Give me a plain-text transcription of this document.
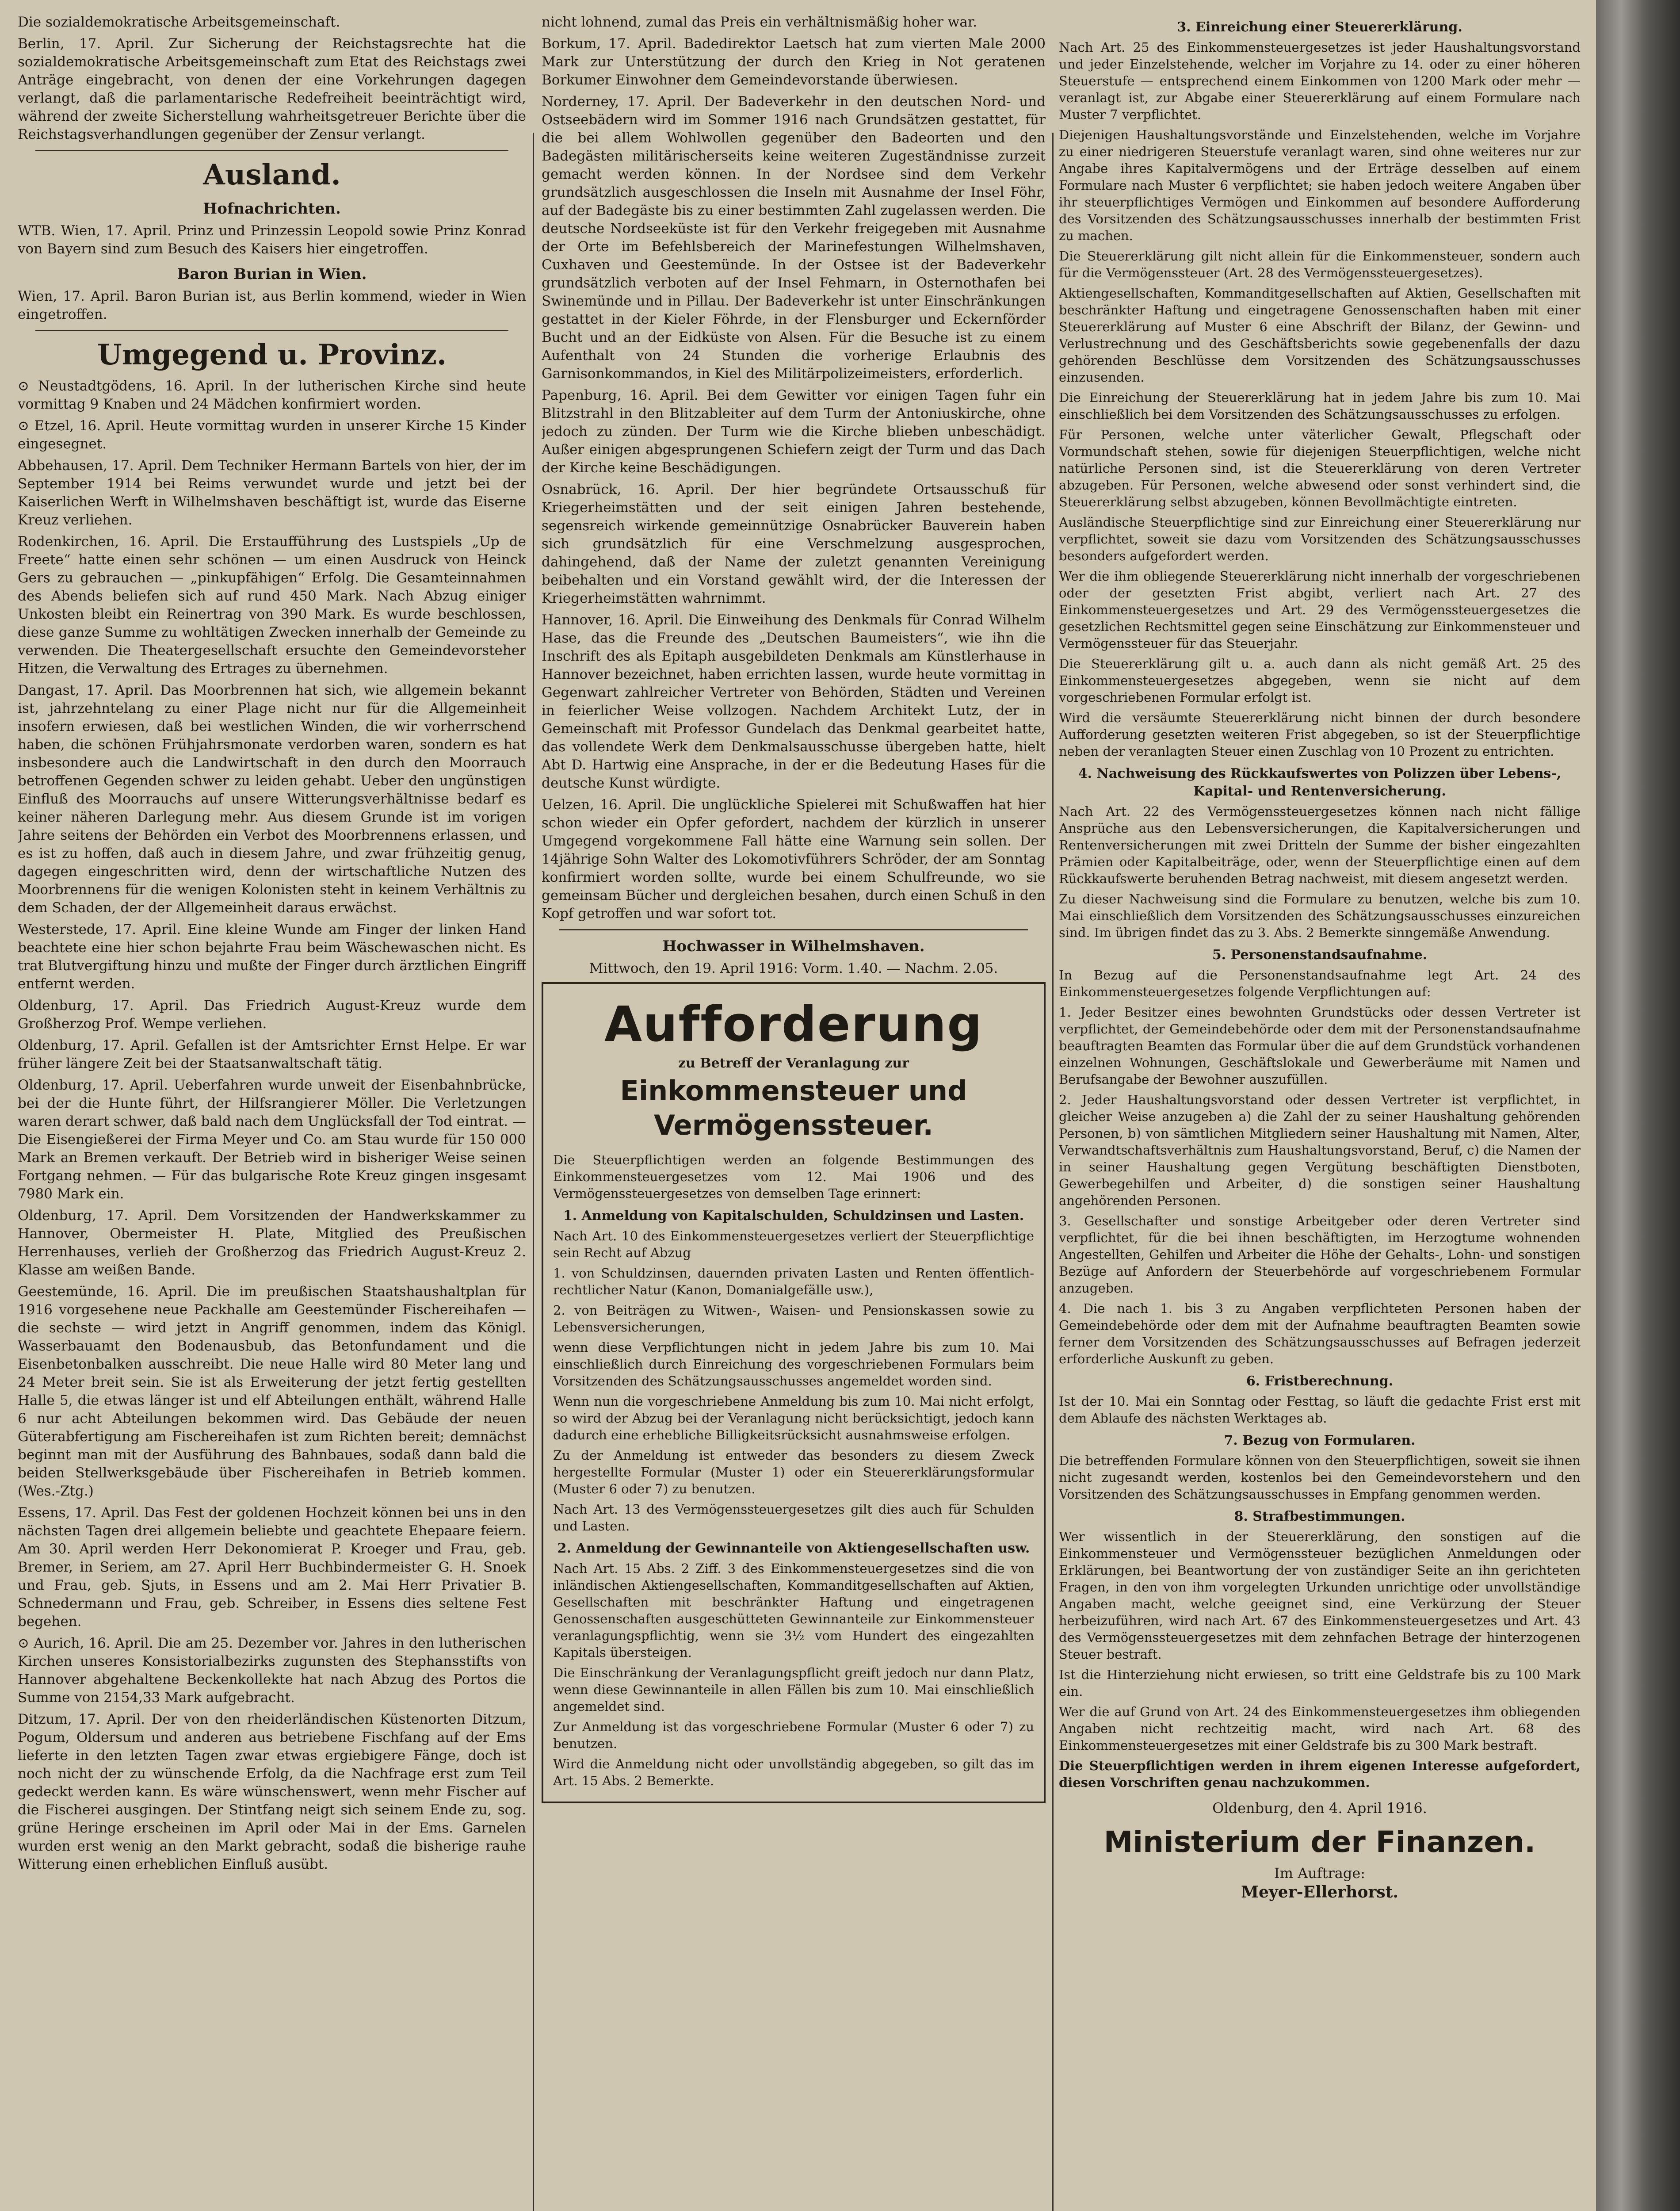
Die sozialdemokratische Arbeitsgemeinschaft.

Berlin, 17. April. Zur Sicherung der Reichstagsrechte hat die sozialdemokratische Arbeitsgemeinschaft zum Etat des Reichstags zwei Anträge eingebracht, von denen der eine Vorkehrungen dagegen verlangt, daß die parlamentarische Redefreiheit beeinträchtigt wird, während der zweite Sicherstellung wahrheitsgetreuer Berichte über die Reichstagsverhandlungen gegenüber der Zensur verlangt.

Ausland.
Hofnachrichten.

WTB. Wien, 17. April. Prinz und Prinzessin Leopold sowie Prinz Konrad von Bayern sind zum Besuch des Kaisers hier eingetroffen.

Baron Burian in Wien.

Wien, 17. April. Baron Burian ist, aus Berlin kommend, wieder in Wien eingetroffen.

Umgegend u. Provinz.

⊙ Neustadtgödens, 16. April. In der lutherischen Kirche sind heute vormittag 9 Knaben und 24 Mädchen konfirmiert worden.

⊙ Etzel, 16. April. Heute vormittag wurden in unserer Kirche 15 Kinder eingesegnet.

Abbehausen, 17. April. Dem Techniker Hermann Bartels von hier, der im September 1914 bei Reims verwundet wurde und jetzt bei der Kaiserlichen Werft in Wilhelmshaven beschäftigt ist, wurde das Eiserne Kreuz verliehen.

Rodenkirchen, 16. April. Die Erstaufführung des Lustspiels „Up de Freete“ hatte einen sehr schönen — um einen Ausdruck von Heinck Gers zu gebrauchen — „pinkupfähigen“ Erfolg. Die Gesamteinnahmen des Abends beliefen sich auf rund 450 Mark. Nach Abzug einiger Unkosten bleibt ein Reinertrag von 390 Mark. Es wurde beschlossen, diese ganze Summe zu wohltätigen Zwecken innerhalb der Gemeinde zu verwenden. Die Theatergesellschaft ersuchte den Gemeindevorsteher Hitzen, die Verwaltung des Ertrages zu übernehmen.

Dangast, 17. April. Das Moorbrennen hat sich, wie allgemein bekannt ist, jahrzehntelang zu einer Plage nicht nur für die Allgemeinheit insofern erwiesen, daß bei westlichen Winden, die wir vorherrschend haben, die schönen Frühjahrsmonate verdorben waren, sondern es hat insbesondere auch die Landwirtschaft in den durch den Moorrauch betroffenen Gegenden schwer zu leiden gehabt. Ueber den ungünstigen Einfluß des Moorrauchs auf unsere Witterungsverhältnisse bedarf es keiner näheren Darlegung mehr. Aus diesem Grunde ist im vorigen Jahre seitens der Behörden ein Verbot des Moorbrennens erlassen, und es ist zu hoffen, daß auch in diesem Jahre, und zwar frühzeitig genug, dagegen eingeschritten wird, denn der wirtschaftliche Nutzen des Moorbrennens für die wenigen Kolonisten steht in keinem Verhältnis zu dem Schaden, der der Allgemeinheit daraus erwächst.

Westerstede, 17. April. Eine kleine Wunde am Finger der linken Hand beachtete eine hier schon bejahrte Frau beim Wäschewaschen nicht. Es trat Blutvergiftung hinzu und mußte der Finger durch ärztlichen Eingriff entfernt werden.

Oldenburg, 17. April. Das Friedrich August-Kreuz wurde dem Großherzog Prof. Wempe verliehen.

Oldenburg, 17. April. Gefallen ist der Amtsrichter Ernst Helpe. Er war früher längere Zeit bei der Staatsanwaltschaft tätig.

Oldenburg, 17. April. Ueberfahren wurde unweit der Eisenbahnbrücke, bei der die Hunte führt, der Hilfsrangierer Möller. Die Verletzungen waren derart schwer, daß bald nach dem Unglücksfall der Tod eintrat. — Die Eisengießerei der Firma Meyer und Co. am Stau wurde für 150 000 Mark an Bremen verkauft. Der Betrieb wird in bisheriger Weise seinen Fortgang nehmen. — Für das bulgarische Rote Kreuz gingen insgesamt 7980 Mark ein.

Oldenburg, 17. April. Dem Vorsitzenden der Handwerkskammer zu Hannover, Obermeister H. Plate, Mitglied des Preußischen Herrenhauses, verlieh der Großherzog das Friedrich August-Kreuz 2. Klasse am weißen Bande.

Geestemünde, 16. April. Die im preußischen Staatshaushaltplan für 1916 vorgesehene neue Packhalle am Geestemünder Fischereihafen — die sechste — wird jetzt in Angriff genommen, indem das Königl. Wasserbauamt den Bodenausbub, das Betonfundament und die Eisenbetonbalken ausschreibt. Die neue Halle wird 80 Meter lang und 24 Meter breit sein. Sie ist als Erweiterung der jetzt fertig gestellten Halle 5, die etwas länger ist und elf Abteilungen enthält, während Halle 6 nur acht Abteilungen bekommen wird. Das Gebäude der neuen Güterabfertigung am Fischereihafen ist zum Richten bereit; demnächst beginnt man mit der Ausführung des Bahnbaues, sodaß dann bald die beiden Stellwerksgebäude über Fischereihafen in Betrieb kommen. (Wes.-Ztg.)

Essens, 17. April. Das Fest der goldenen Hochzeit können bei uns in den nächsten Tagen drei allgemein beliebte und geachtete Ehepaare feiern. Am 30. April werden Herr Dekonomierat P. Kroeger und Frau, geb. Bremer, in Seriem, am 27. April Herr Buchbindermeister G. H. Snoek und Frau, geb. Sjuts, in Essens und am 2. Mai Herr Privatier B. Schnedermann und Frau, geb. Schreiber, in Essens dies seltene Fest begehen.

⊙ Aurich, 16. April. Die am 25. Dezember vor. Jahres in den lutherischen Kirchen unseres Konsistorialbezirks zugunsten des Stephansstifts von Hannover abgehaltene Beckenkollekte hat nach Abzug des Portos die Summe von 2154,33 Mark aufgebracht.

Ditzum, 17. April. Der von den rheiderländischen Küstenorten Ditzum, Pogum, Oldersum und anderen aus betriebene Fischfang auf der Ems lieferte in den letzten Tagen zwar etwas ergiebigere Fänge, doch ist noch nicht der zu wünschende Erfolg, da die Nachfrage erst zum Teil gedeckt werden kann. Es wäre wünschenswert, wenn mehr Fischer auf die Fischerei ausgingen. Der Stintfang neigt sich seinem Ende zu, sog. grüne Heringe erscheinen im April oder Mai in der Ems. Garnelen wurden erst wenig an den Markt gebracht, sodaß die bisherige rauhe Witterung einen erheblichen Einfluß ausübt.

nicht lohnend, zumal das Preis ein verhältnismäßig hoher war.

Borkum, 17. April. Badedirektor Laetsch hat zum vierten Male 2000 Mark zur Unterstützung der durch den Krieg in Not geratenen Borkumer Einwohner dem Gemeindevorstande überwiesen.

Norderney, 17. April. Der Badeverkehr in den deutschen Nord- und Ostseebädern wird im Sommer 1916 nach Grundsätzen gestattet, für die bei allem Wohlwollen gegenüber den Badeorten und den Badegästen militärischerseits keine weiteren Zugeständnisse zurzeit gemacht werden können. In der Nordsee sind dem Verkehr grundsätzlich ausgeschlossen die Inseln mit Ausnahme der Insel Föhr, auf der Badegäste bis zu einer bestimmten Zahl zugelassen werden. Die deutsche Nordseeküste ist für den Verkehr freigegeben mit Ausnahme der Orte im Befehlsbereich der Marinefestungen Wilhelmshaven, Cuxhaven und Geestemünde. In der Ostsee ist der Badeverkehr grundsätzlich verboten auf der Insel Fehmarn, in Osternothafen bei Swinemünde und in Pillau. Der Badeverkehr ist unter Einschränkungen gestattet in der Kieler Föhrde, in der Flensburger und Eckernförder Bucht und an der Eidküste von Alsen. Für die Besuche ist zu einem Aufenthalt von 24 Stunden die vorherige Erlaubnis des Garnisonkommandos, in Kiel des Militärpolizeimeisters, erforderlich.

Papenburg, 16. April. Bei dem Gewitter vor einigen Tagen fuhr ein Blitzstrahl in den Blitzableiter auf dem Turm der Antoniuskirche, ohne jedoch zu zünden. Der Turm wie die Kirche blieben unbeschädigt. Außer einigen abgesprungenen Schiefern zeigt der Turm und das Dach der Kirche keine Beschädigungen.

Osnabrück, 16. April. Der hier begründete Ortsausschuß für Kriegerheimstätten und der seit einigen Jahren bestehende, segensreich wirkende gemeinnützige Osnabrücker Bauverein haben sich grundsätzlich für eine Verschmelzung ausgesprochen, dahingehend, daß der Name der zuletzt genannten Vereinigung beibehalten und ein Vorstand gewählt wird, der die Interessen der Kriegerheimstätten wahrnimmt.

Hannover, 16. April. Die Einweihung des Denkmals für Conrad Wilhelm Hase, das die Freunde des „Deutschen Baumeisters“, wie ihn die Inschrift des als Epitaph ausgebildeten Denkmals am Künstlerhause in Hannover bezeichnet, haben errichten lassen, wurde heute vormittag in Gegenwart zahlreicher Vertreter von Behörden, Städten und Vereinen in feierlicher Weise vollzogen. Nachdem Architekt Lutz, der in Gemeinschaft mit Professor Gundelach das Denkmal gearbeitet hatte, das vollendete Werk dem Denkmalsausschusse übergeben hatte, hielt Abt D. Hartwig eine Ansprache, in der er die Bedeutung Hases für die deutsche Kunst würdigte.

Uelzen, 16. April. Die unglückliche Spielerei mit Schußwaffen hat hier schon wieder ein Opfer gefordert, nachdem der kürzlich in unserer Umgegend vorgekommene Fall hätte eine Warnung sein sollen. Der 14jährige Sohn Walter des Lokomotivführers Schröder, der am Sonntag konfirmiert worden sollte, wurde bei einem Schulfreunde, wo sie gemeinsam Bücher und dergleichen besahen, durch einen Schuß in den Kopf getroffen und war sofort tot.

Hochwasser in Wilhelmshaven.

Mittwoch, den 19. April 1916: Vorm. 1.40. — Nachm. 2.05.

Aufforderung
zu Betreff der Veranlagung zur
Einkommensteuer und Vermögenssteuer.

Die Steuerpflichtigen werden an folgende Bestimmungen des Einkommensteuergesetzes vom 12. Mai 1906 und des Vermögenssteuergesetzes von demselben Tage erinnert:

1. Anmeldung von Kapitalschulden, Schuldzinsen und Lasten.

Nach Art. 10 des Einkommensteuergesetzes verliert der Steuerpflichtige sein Recht auf Abzug

1. von Schuldzinsen, dauernden privaten Lasten und Renten öffentlich-rechtlicher Natur (Kanon, Domanialgefälle usw.),

2. von Beiträgen zu Witwen-, Waisen- und Pensionskassen sowie zu Lebensversicherungen,

wenn diese Verpflichtungen nicht in jedem Jahre bis zum 10. Mai einschließlich durch Einreichung des vorgeschriebenen Formulars beim Vorsitzenden des Schätzungsausschusses angemeldet worden sind.

Wenn nun die vorgeschriebene Anmeldung bis zum 10. Mai nicht erfolgt, so wird der Abzug bei der Veranlagung nicht berücksichtigt, jedoch kann dadurch eine erhebliche Billigkeitsrücksicht ausnahmsweise erfolgen.

Zu der Anmeldung ist entweder das besonders zu diesem Zweck hergestellte Formular (Muster 1) oder ein Steuererklärungsformular (Muster 6 oder 7) zu benutzen.

Nach Art. 13 des Vermögenssteuergesetzes gilt dies auch für Schulden und Lasten.

2. Anmeldung der Gewinnanteile von Aktiengesellschaften usw.

Nach Art. 15 Abs. 2 Ziff. 3 des Einkommensteuergesetzes sind die von inländischen Aktiengesellschaften, Kommanditgesellschaften auf Aktien, Gesellschaften mit beschränkter Haftung und eingetragenen Genossenschaften ausgeschütteten Gewinnanteile zur Einkommensteuer veranlagungspflichtig, wenn sie 3½ vom Hundert des eingezahlten Kapitals übersteigen.

Die Einschränkung der Veranlagungspflicht greift jedoch nur dann Platz, wenn diese Gewinnanteile in allen Fällen bis zum 10. Mai einschließlich angemeldet sind.

Zur Anmeldung ist das vorgeschriebene Formular (Muster 6 oder 7) zu benutzen.

Wird die Anmeldung nicht oder unvollständig abgegeben, so gilt das im Art. 15 Abs. 2 Bemerkte.

3. Einreichung einer Steuererklärung.

Nach Art. 25 des Einkommensteuergesetzes ist jeder Haushaltungsvorstand und jeder Einzelstehende, welcher im Vorjahre zu 14. oder zu einer höheren Steuerstufe — entsprechend einem Einkommen von 1200 Mark oder mehr — veranlagt ist, zur Abgabe einer Steuererklärung auf einem Formulare nach Muster 7 verpflichtet.

Diejenigen Haushaltungsvorstände und Einzelstehenden, welche im Vorjahre zu einer niedrigeren Steuerstufe veranlagt waren, sind ohne weiteres nur zur Angabe ihres Kapitalvermögens und der Erträge desselben auf einem Formulare nach Muster 6 verpflichtet; sie haben jedoch weitere Angaben über ihr steuerpflichtiges Vermögen und Einkommen auf besondere Aufforderung des Vorsitzenden des Schätzungsausschusses innerhalb der bestimmten Frist zu machen.

Die Steuererklärung gilt nicht allein für die Einkommensteuer, sondern auch für die Vermögenssteuer (Art. 28 des Vermögenssteuergesetzes).

Aktiengesellschaften, Kommanditgesellschaften auf Aktien, Gesellschaften mit beschränkter Haftung und eingetragene Genossenschaften haben mit einer Steuererklärung auf Muster 6 eine Abschrift der Bilanz, der Gewinn- und Verlustrechnung und des Geschäftsberichts sowie gegebenenfalls der dazu gehörenden Beschlüsse dem Vorsitzenden des Schätzungsausschusses einzusenden.

Die Einreichung der Steuererklärung hat in jedem Jahre bis zum 10. Mai einschließlich bei dem Vorsitzenden des Schätzungsausschusses zu erfolgen.

Für Personen, welche unter väterlicher Gewalt, Pflegschaft oder Vormundschaft stehen, sowie für diejenigen Steuerpflichtigen, welche nicht natürliche Personen sind, ist die Steuererklärung von deren Vertreter abzugeben. Für Personen, welche abwesend oder sonst verhindert sind, die Steuererklärung selbst abzugeben, können Bevollmächtigte eintreten.

Ausländische Steuerpflichtige sind zur Einreichung einer Steuererklärung nur verpflichtet, soweit sie dazu vom Vorsitzenden des Schätzungsausschusses besonders aufgefordert werden.

Wer die ihm obliegende Steuererklärung nicht innerhalb der vorgeschriebenen oder der gesetzten Frist abgibt, verliert nach Art. 27 des Einkommensteuergesetzes und Art. 29 des Vermögenssteuergesetzes die gesetzlichen Rechtsmittel gegen seine Einschätzung zur Einkommensteuer und Vermögenssteuer für das Steuerjahr.

Die Steuererklärung gilt u. a. auch dann als nicht gemäß Art. 25 des Einkommensteuergesetzes abgegeben, wenn sie nicht auf dem vorgeschriebenen Formular erfolgt ist.

Wird die versäumte Steuererklärung nicht binnen der durch besondere Aufforderung gesetzten weiteren Frist abgegeben, so ist der Steuerpflichtige neben der veranlagten Steuer einen Zuschlag von 10 Prozent zu entrichten.

4. Nachweisung des Rückkaufswertes von Polizzen über Lebens-, Kapital- und Rentenversicherung.

Nach Art. 22 des Vermögenssteuergesetzes können nach nicht fällige Ansprüche aus den Lebensversicherungen, die Kapitalversicherungen und Rentenversicherungen mit zwei Dritteln der Summe der bisher eingezahlten Prämien oder Kapitalbeiträge, oder, wenn der Steuerpflichtige einen auf dem Rückkaufswerte beruhenden Betrag nachweist, mit diesem angesetzt werden.

Zu dieser Nachweisung sind die Formulare zu benutzen, welche bis zum 10. Mai einschließlich dem Vorsitzenden des Schätzungsausschusses einzureichen sind. Im übrigen findet das zu 3. Abs. 2 Bemerkte sinngemäße Anwendung.

5. Personenstandsaufnahme.

In Bezug auf die Personenstandsaufnahme legt Art. 24 des Einkommensteuergesetzes folgende Verpflichtungen auf:

1. Jeder Besitzer eines bewohnten Grundstücks oder dessen Vertreter ist verpflichtet, der Gemeindebehörde oder dem mit der Personenstandsaufnahme beauftragten Beamten das Formular über die auf dem Grundstück vorhandenen einzelnen Wohnungen, Geschäftslokale und Gewerberäume mit Namen und Berufsangabe der Bewohner auszufüllen.

2. Jeder Haushaltungsvorstand oder dessen Vertreter ist verpflichtet, in gleicher Weise anzugeben a) die Zahl der zu seiner Haushaltung gehörenden Personen, b) von sämtlichen Mitgliedern seiner Haushaltung mit Namen, Alter, Verwandtschaftsverhältnis zum Haushaltungsvorstand, Beruf, c) die Namen der in seiner Haushaltung gegen Vergütung beschäftigten Dienstboten, Gewerbegehilfen und Arbeiter, d) die sonstigen seiner Haushaltung angehörenden Personen.

3. Gesellschafter und sonstige Arbeitgeber oder deren Vertreter sind verpflichtet, für die bei ihnen beschäftigten, im Herzogtume wohnenden Angestellten, Gehilfen und Arbeiter die Höhe der Gehalts-, Lohn- und sonstigen Bezüge auf Anfordern der Steuerbehörde auf vorgeschriebenem Formular anzugeben.

4. Die nach 1. bis 3 zu Angaben verpflichteten Personen haben der Gemeindebehörde oder dem mit der Aufnahme beauftragten Beamten sowie ferner dem Vorsitzenden des Schätzungsausschusses auf Befragen jederzeit erforderliche Auskunft zu geben.

6. Fristberechnung.

Ist der 10. Mai ein Sonntag oder Festtag, so läuft die gedachte Frist erst mit dem Ablaufe des nächsten Werktages ab.

7. Bezug von Formularen.

Die betreffenden Formulare können von den Steuerpflichtigen, soweit sie ihnen nicht zugesandt werden, kostenlos bei den Gemeindevorstehern und den Vorsitzenden des Schätzungsausschusses in Empfang genommen werden.

8. Strafbestimmungen.

Wer wissentlich in der Steuererklärung, den sonstigen auf die Einkommensteuer und Vermögenssteuer bezüglichen Anmeldungen oder Erklärungen, bei Beantwortung der von zuständiger Seite an ihn gerichteten Fragen, in den von ihm vorgelegten Urkunden unrichtige oder unvollständige Angaben macht, welche geeignet sind, eine Verkürzung der Steuer herbeizuführen, wird nach Art. 67 des Einkommensteuergesetzes und Art. 43 des Vermögenssteuergesetzes mit dem zehnfachen Betrage der hinterzogenen Steuer bestraft.

Ist die Hinterziehung nicht erwiesen, so tritt eine Geldstrafe bis zu 100 Mark ein.

Wer die auf Grund von Art. 24 des Einkommensteuergesetzes ihm obliegenden Angaben nicht rechtzeitig macht, wird nach Art. 68 des Einkommensteuergesetzes mit einer Geldstrafe bis zu 300 Mark bestraft.

Die Steuerpflichtigen werden in ihrem eigenen Interesse aufgefordert, diesen Vorschriften genau nachzukommen.

Oldenburg, den 4. April 1916.
Ministerium der Finanzen.
Im Auftrage:
Meyer-Ellerhorst.
